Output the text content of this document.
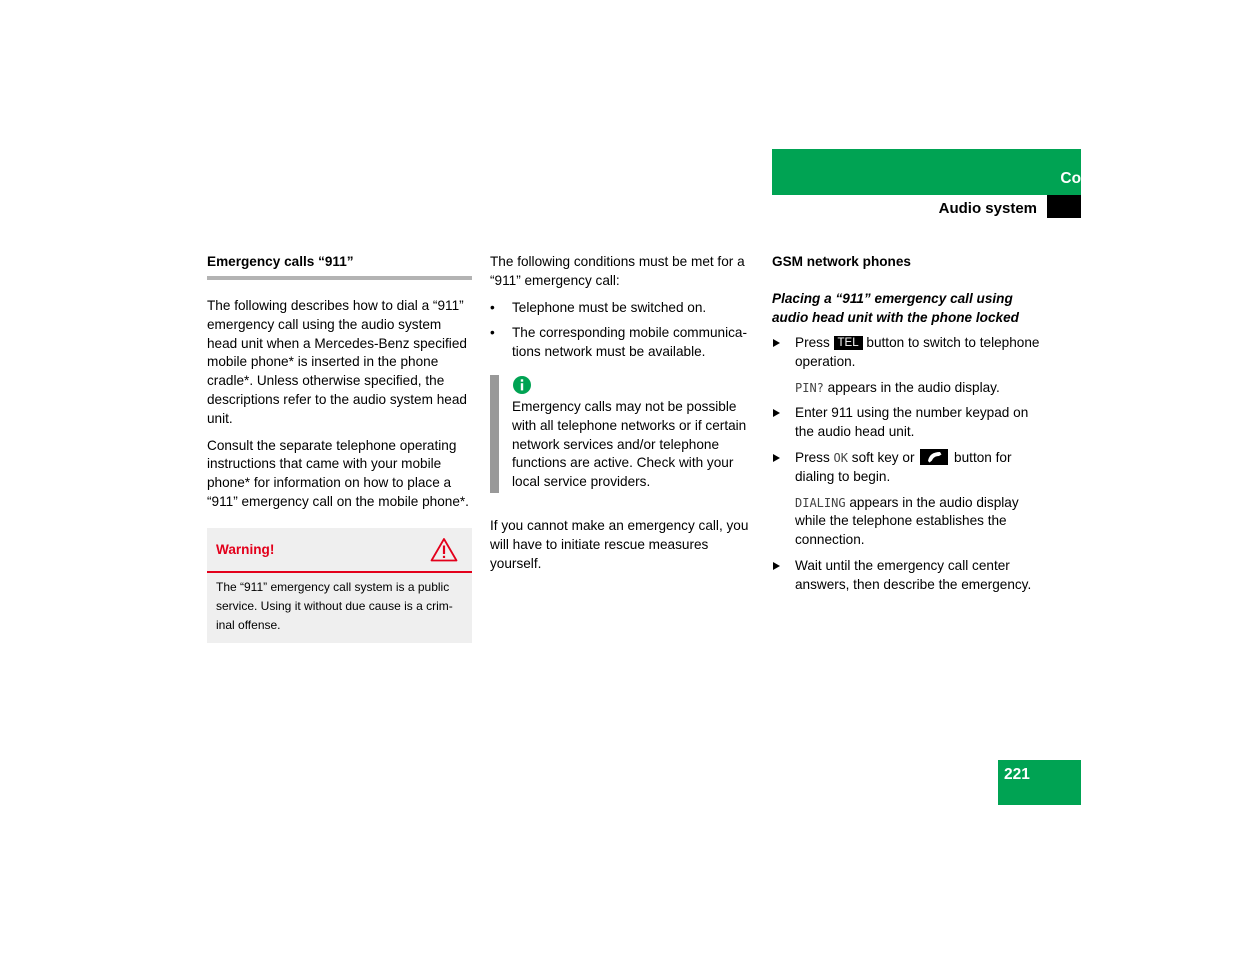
Controls in detail
Audio system
Emergency calls “911”

The following describes how to dial a “911” emergency call using the audio system head unit when a Mercedes-Benz specified mobile phone* is inserted in the phone cradle*. Unless otherwise specified, the descriptions refer to the audio system head unit.

Consult the separate telephone operating instructions that came with your mobile phone* for information on how to place a “911” emergency call on the mobile phone*.

Warning!
The “911” emergency call system is a public service. Using it without due cause is a crim-inal offense.

The following conditions must be met for a “911” emergency call:

• Telephone must be switched on.
• The corresponding mobile communica-tions network must be available.

Emergency calls may not be possible with all telephone networks or if certain network services and/or telephone functions are active. Check with your local service providers.

If you cannot make an emergency call, you will have to initiate rescue measures yourself.

GSM network phones
Placing a “911” emergency call using audio head unit with the phone locked
Press TEL button to switch to telephone operation.
PIN? appears in the audio display.
Enter 911 using the number keypad on the audio head unit.
Press OK soft key or	button for dialing to begin.
DIALING appears in the audio display while the telephone establishes the connection.
Wait until the emergency call center answers, then describe the emergency.
221
